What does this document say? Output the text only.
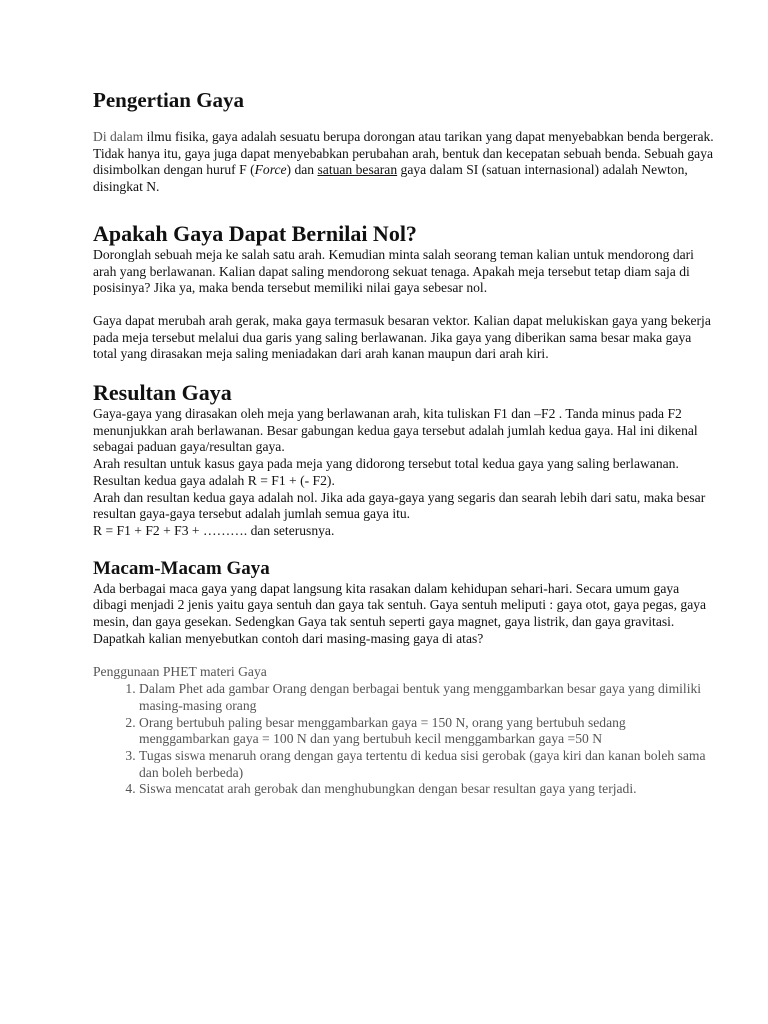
Pengertian Gaya

Di dalam ilmu fisika, gaya adalah sesuatu berupa dorongan atau tarikan yang dapat menyebabkan benda bergerak. Tidak hanya itu, gaya juga dapat menyebabkan perubahan arah, bentuk dan kecepatan sebuah benda. Sebuah gaya disimbolkan dengan huruf F (Force) dan satuan besaran gaya dalam SI (satuan internasional) adalah Newton, disingkat N.

Apakah Gaya Dapat Bernilai Nol?

Doronglah sebuah meja ke salah satu arah. Kemudian minta salah seorang teman kalian untuk mendorong dari arah yang berlawanan. Kalian dapat saling mendorong sekuat tenaga. Apakah meja tersebut tetap diam saja di posisinya? Jika ya, maka benda tersebut memiliki nilai gaya sebesar nol.

Gaya dapat merubah arah gerak, maka gaya termasuk besaran vektor. Kalian dapat melukiskan gaya yang bekerja pada meja tersebut melalui dua garis yang saling berlawanan. Jika gaya yang diberikan sama besar maka gaya total yang dirasakan meja saling meniadakan dari arah kanan maupun dari arah kiri.

Resultan Gaya

Gaya-gaya yang dirasakan oleh meja yang berlawanan arah, kita tuliskan F1 dan –F2 . Tanda minus pada F2 menunjukkan arah berlawanan. Besar gabungan kedua gaya tersebut adalah jumlah kedua gaya. Hal ini dikenal sebagai paduan gaya/resultan gaya.

Arah resultan untuk kasus gaya pada meja yang didorong tersebut total kedua gaya yang saling berlawanan. Resultan kedua gaya adalah R = F1 + (- F2).

Arah dan resultan kedua gaya adalah nol. Jika ada gaya-gaya yang segaris dan searah lebih dari satu, maka besar resultan gaya-gaya tersebut adalah jumlah semua gaya itu.

R = F1 + F2 + F3 + ………. dan seterusnya.

Macam-Macam Gaya

Ada berbagai maca gaya yang dapat langsung kita rasakan dalam kehidupan sehari-hari. Secara umum gaya dibagi menjadi 2 jenis yaitu gaya sentuh dan gaya tak sentuh. Gaya sentuh meliputi : gaya otot, gaya pegas, gaya mesin, dan gaya gesekan. Sedengkan Gaya tak sentuh seperti gaya magnet, gaya listrik, dan gaya gravitasi. Dapatkah kalian menyebutkan contoh dari masing-masing gaya di atas?

Penggunaan PHET materi Gaya

1. Dalam Phet ada gambar Orang dengan berbagai bentuk yang menggambarkan besar gaya yang dimiliki masing-masing orang
2. Orang bertubuh paling besar menggambarkan gaya = 150 N, orang yang bertubuh sedang menggambarkan gaya = 100 N dan yang bertubuh kecil menggambarkan gaya =50 N
3. Tugas siswa menaruh orang dengan gaya tertentu di kedua sisi gerobak (gaya kiri dan kanan boleh sama dan boleh berbeda)
4. Siswa mencatat arah gerobak dan menghubungkan dengan besar resultan gaya yang terjadi.
